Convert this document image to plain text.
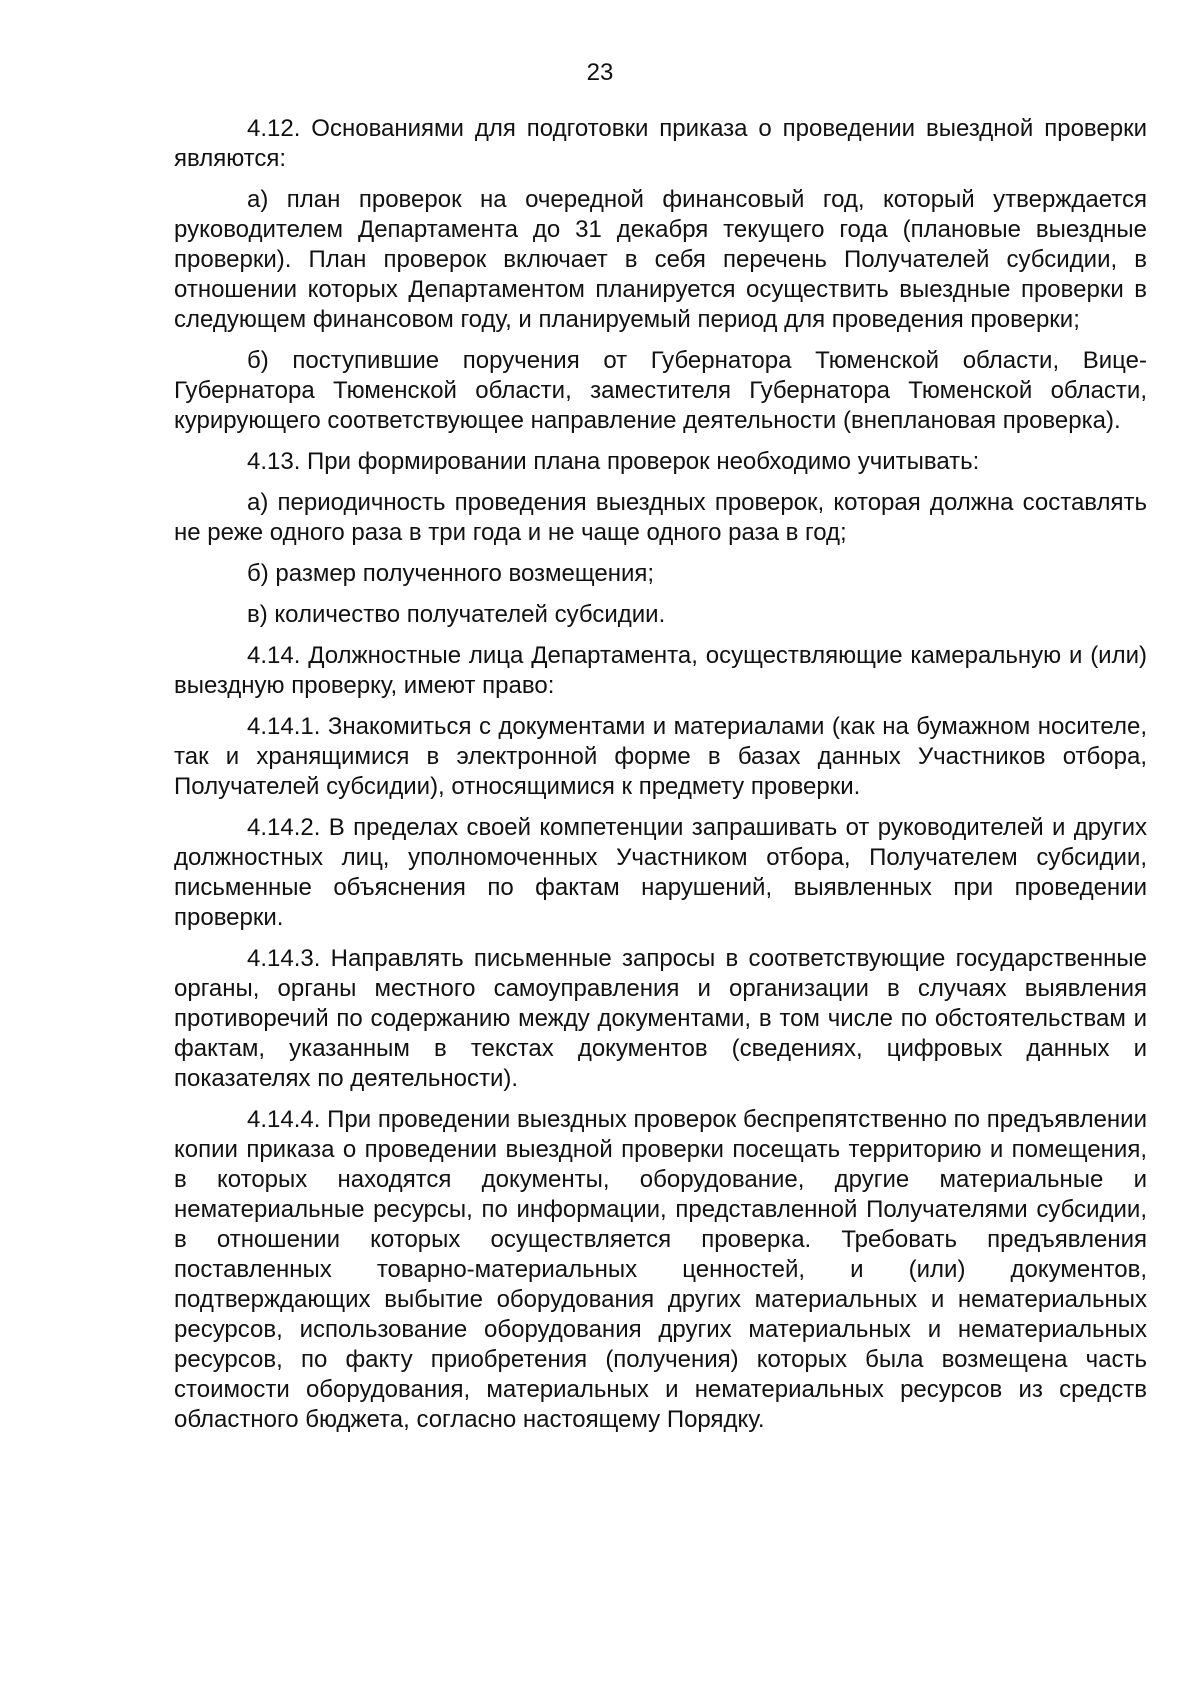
23

4.12. Основаниями для подготовки приказа о проведении выездной проверки являются:

а) план проверок на очередной финансовый год, который утверждается руководителем Департамента до 31 декабря текущего года (плановые выездные проверки). План проверок включает в себя перечень Получателей субсидии, в отношении которых Департаментом планируется осуществить выездные проверки в следующем финансовом году, и планируемый период для проведения проверки;

б) поступившие поручения от Губернатора Тюменской области, Вице-Губернатора Тюменской области, заместителя Губернатора Тюменской области, курирующего соответствующее направление деятельности (внеплановая проверка).

4.13. При формировании плана проверок необходимо учитывать:

а) периодичность проведения выездных проверок, которая должна составлять не реже одного раза в три года и не чаще одного раза в год;

б) размер полученного возмещения;

в) количество получателей субсидии.

4.14. Должностные лица Департамента, осуществляющие камеральную и (или) выездную проверку, имеют право:

4.14.1. Знакомиться с документами и материалами (как на бумажном носителе, так и хранящимися в электронной форме в базах данных Участников отбора, Получателей субсидии), относящимися к предмету проверки.

4.14.2. В пределах своей компетенции запрашивать от руководителей и других должностных лиц, уполномоченных Участником отбора, Получателем субсидии, письменные объяснения по фактам нарушений, выявленных при проведении проверки.

4.14.3. Направлять письменные запросы в соответствующие государственные органы, органы местного самоуправления и организации в случаях выявления противоречий по содержанию между документами, в том числе по обстоятельствам и фактам, указанным в текстах документов (сведениях, цифровых данных и показателях по деятельности).

4.14.4. При проведении выездных проверок беспрепятственно по предъявлении копии приказа о проведении выездной проверки посещать территорию и помещения, в которых находятся документы, оборудование, другие материальные и нематериальные ресурсы, по информации, представленной Получателями субсидии, в отношении которых осуществляется проверка. Требовать предъявления поставленных товарно-материальных ценностей, и (или) документов, подтверждающих выбытие оборудования других материальных и нематериальных ресурсов, использование оборудования других материальных и нематериальных ресурсов, по факту приобретения (получения) которых была возмещена часть стоимости оборудования, материальных и нематериальных ресурсов из средств областного бюджета, согласно настоящему Порядку.
